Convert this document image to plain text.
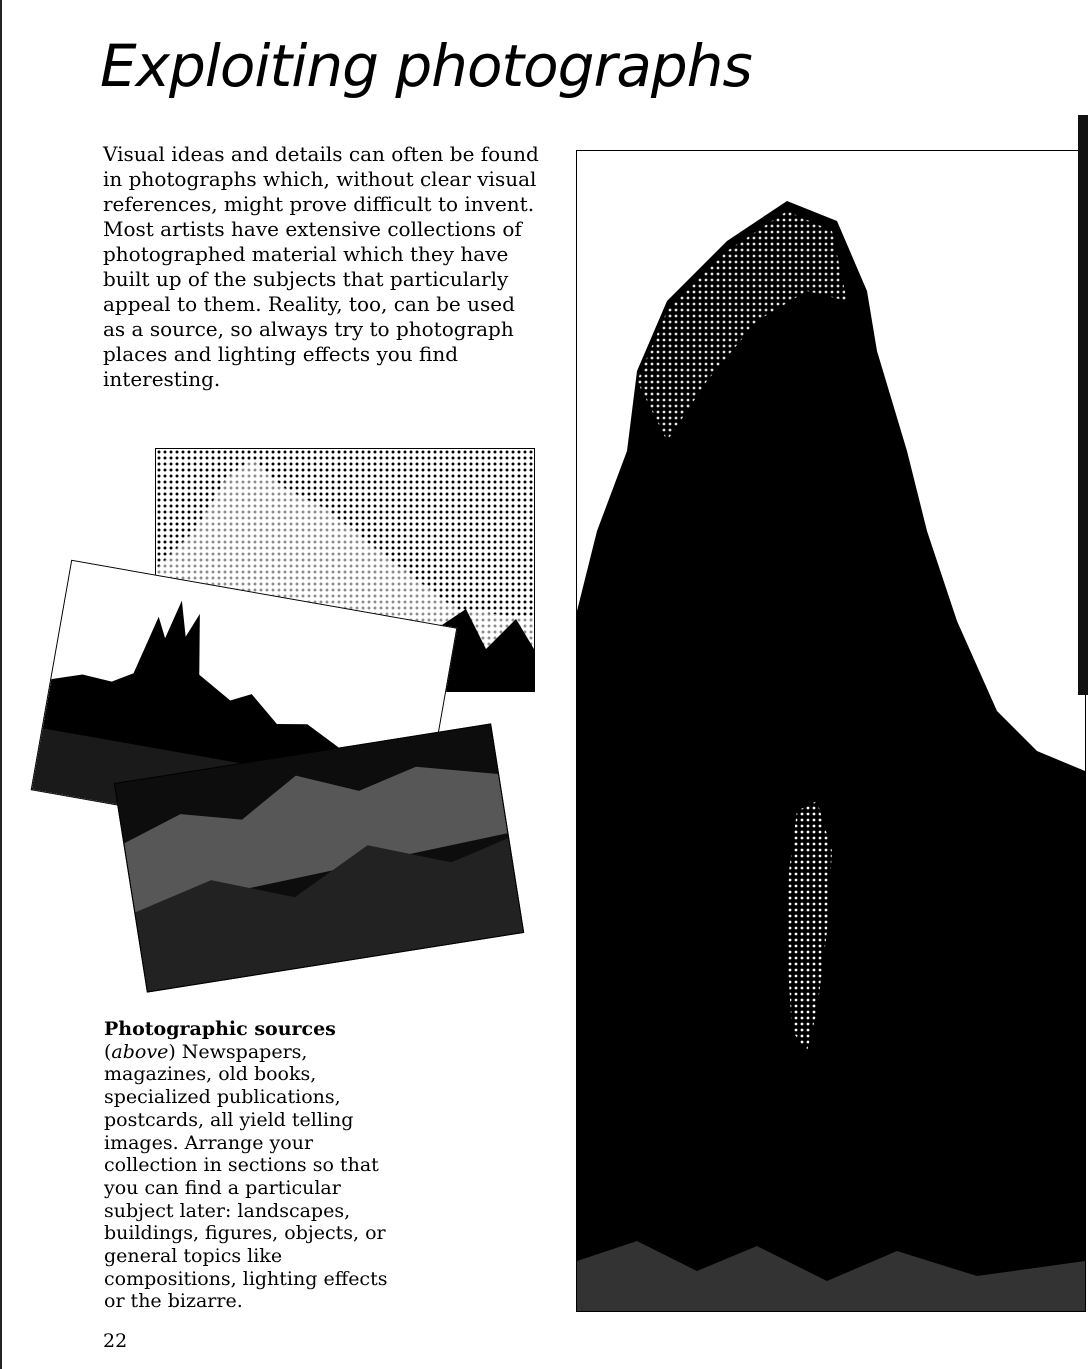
Exploiting photographs

Visual ideas and details can often be found in photographs which, without clear visual references, might prove difficult to invent. Most artists have extensive collections of photographed material which they have built up of the subjects that particularly appeal to them. Reality, too, can be used as a source, so always try to photograph places and lighting effects you find interesting.

Photographic sources (above) Newspapers, magazines, old books, specialized publications, postcards, all yield telling images. Arrange your collection in sections so that you can find a particular subject later: landscapes, buildings, figures, objects, or general topics like compositions, lighting effects or the bizarre.

22
